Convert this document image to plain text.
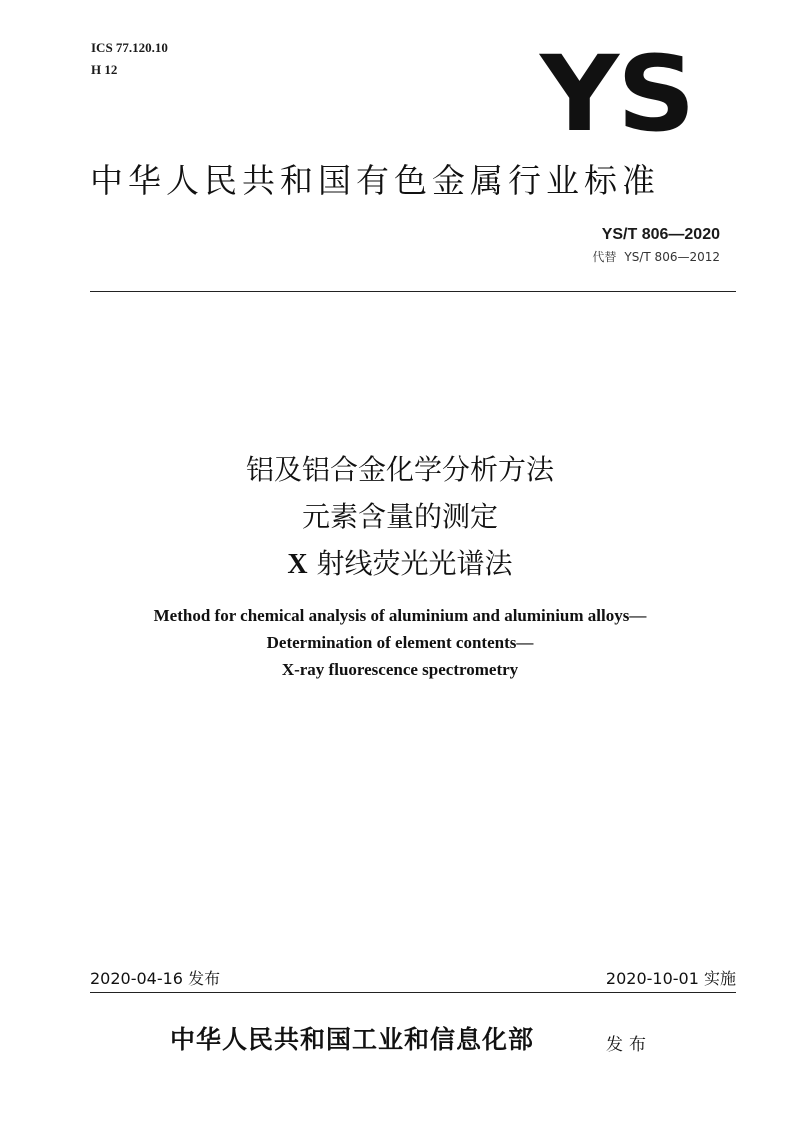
ICS 77.120.10
H 12	YS
中华人民共和国有色金属行业标准
YS/T 806—2020
代替 YS/T 806—2012
铝及铝合金化学分析方法
元素含量的测定
X 射线荧光光谱法
Method for chemical analysis of aluminium and aluminium alloys—
Determination of element contents—
X-ray fluorescence spectrometry
2020-04-16 发布	2020-10-01 实施
中华人民共和国工业和信息化部	发布
